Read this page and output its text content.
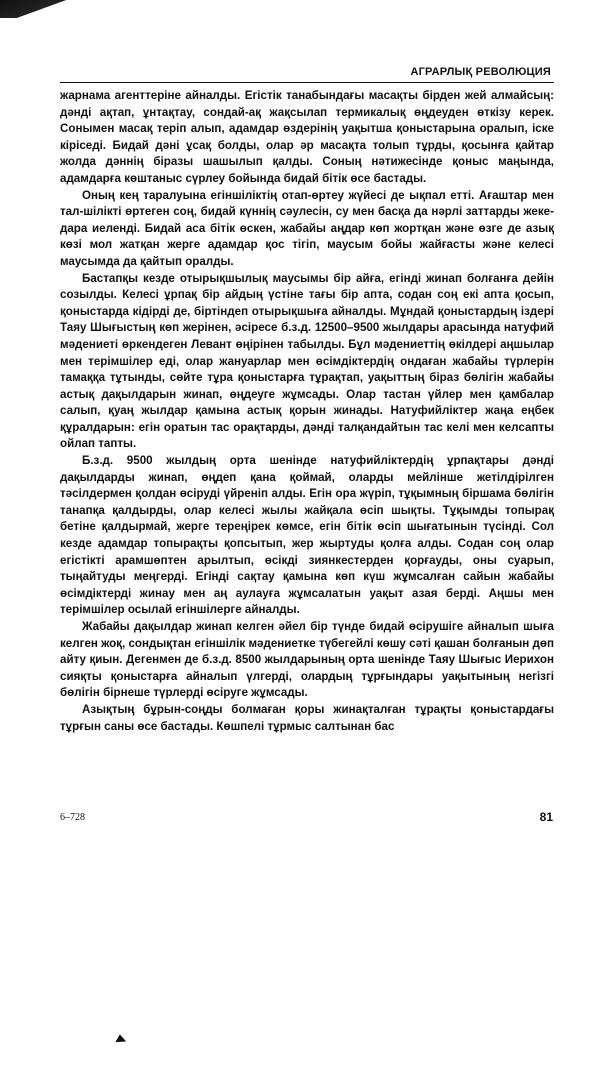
АГРАРЛЫҚ РЕВОЛЮЦИЯ

жарнама агенттеріне айналды. Егістік танабындағы масақты бірден жей алмайсың: дәнді ақтап, ұнтақтау, сондай-ақ жақсылап термикалық өңдеуден өткізу керек. Сонымен масақ теріп алып, адамдар өздерінің уақытша қоныстарына оралып, іске кіріседі. Бидай дәні ұсақ болды, олар әр масақта толып тұрды, қосынға қайтар жолда дәннің біразы шашылып қалды. Соның нәтижесінде қоныс маңында, адамдарға көштаныс сүрлеу бойында бидай бітік өсе бастады.

Оның кең таралуына егіншіліктің отап-өртеу жүйесі де ықпал етті. Ағаштар мен тал-шілікті өртеген соң, бидай күннің сәулесін, су мен басқа да нәрлі заттарды жеке-дара иеленді. Бидай аса бітік өскен, жабайы аңдар көп жортқан және өзге де азық көзі мол жатқан жерге адамдар қос тігіп, маусым бойы жайғасты және келесі маусымда да қайтып оралды.

Бастапқы кезде отырықшылық маусымы бір айға, егінді жинап болғанға дейін созылды. Келесі ұрпақ бір айдың үстіне тағы бір апта, содан соң екі апта қосып, қоныстарда кідірді де, біртіндеп отырықшыға айналды. Мұндай қоныстардың іздері Таяу Шығыстың көп жерінен, әсіресе б.з.д. 12500–9500 жылдары арасында натуфий мәдениеті өркендеген Левант өңірінен табылды. Бұл мәдениеттің өкілдері аңшылар мен терімшілер еді, олар жануарлар мен өсімдіктердің ондаған жабайы түрлерін тамаққа тұтынды, сөйте тұра қоныстарға тұрақтап, уақыттың біраз бөлігін жабайы астық дақылдарын жинап, өңдеуге жұмсады. Олар тастан үйлер мен қамбалар салып, қуаң жылдар қамына астық қорын жинады. Натуфийліктер жаңа еңбек құралдарын: егін оратын тас орақтарды, дәнді талқандайтын тас келі мен келсапты ойлап тапты.

Б.з.д. 9500 жылдың орта шенінде натуфийліктердің ұрпақтары дәнді дақылдарды жинап, өңдеп қана қоймай, оларды мейлінше жетілдірілген тәсілдермен қолдан өсіруді үйреніп алды. Егін ора жүріп, тұқымның біршама бөлігін танапқа қалдырды, олар келесі жылы жайқала өсіп шықты. Тұқымды топырақ бетіне қалдырмай, жерге тереңірек көмсе, егін бітік өсіп шығатынын түсінді. Сол кезде адамдар топырақты қопсытып, жер жыртуды қолға алды. Содан соң олар егістікті арамшөптен арылтып, өсікді зиянкестерден қорғауды, оны суарып, тыңайтуды меңгерді. Егінді сақтау қамына көп күш жұмсалған сайын жабайы өсімдіктерді жинау мен аң аулауға жұмсалатын уақыт азая берді. Аңшы мен терімшілер осылай егіншілерге айналды.

Жабайы дақылдар жинап келген әйел бір түнде бидай өсірушіге айналып шыға келген жоқ, сондықтан егіншілік мәдениетке түбегейлі көшу сәті қашан болғанын дөп айту қиын. Дегенмен де б.з.д. 8500 жылдарының орта шенінде Таяу Шығыс Иерихон сияқты қоныстарға айналып үлгерді, олардың тұрғындары уақытының негізгі бөлігін бірнеше түрлерді өсіруге жұмсады.

Азықтың бұрын-соңды болмаған қоры жинақталған тұрақты қоныстардағы тұрғын саны өсе бастады. Көшпелі тұрмыс салтынан бас

6–728	81
